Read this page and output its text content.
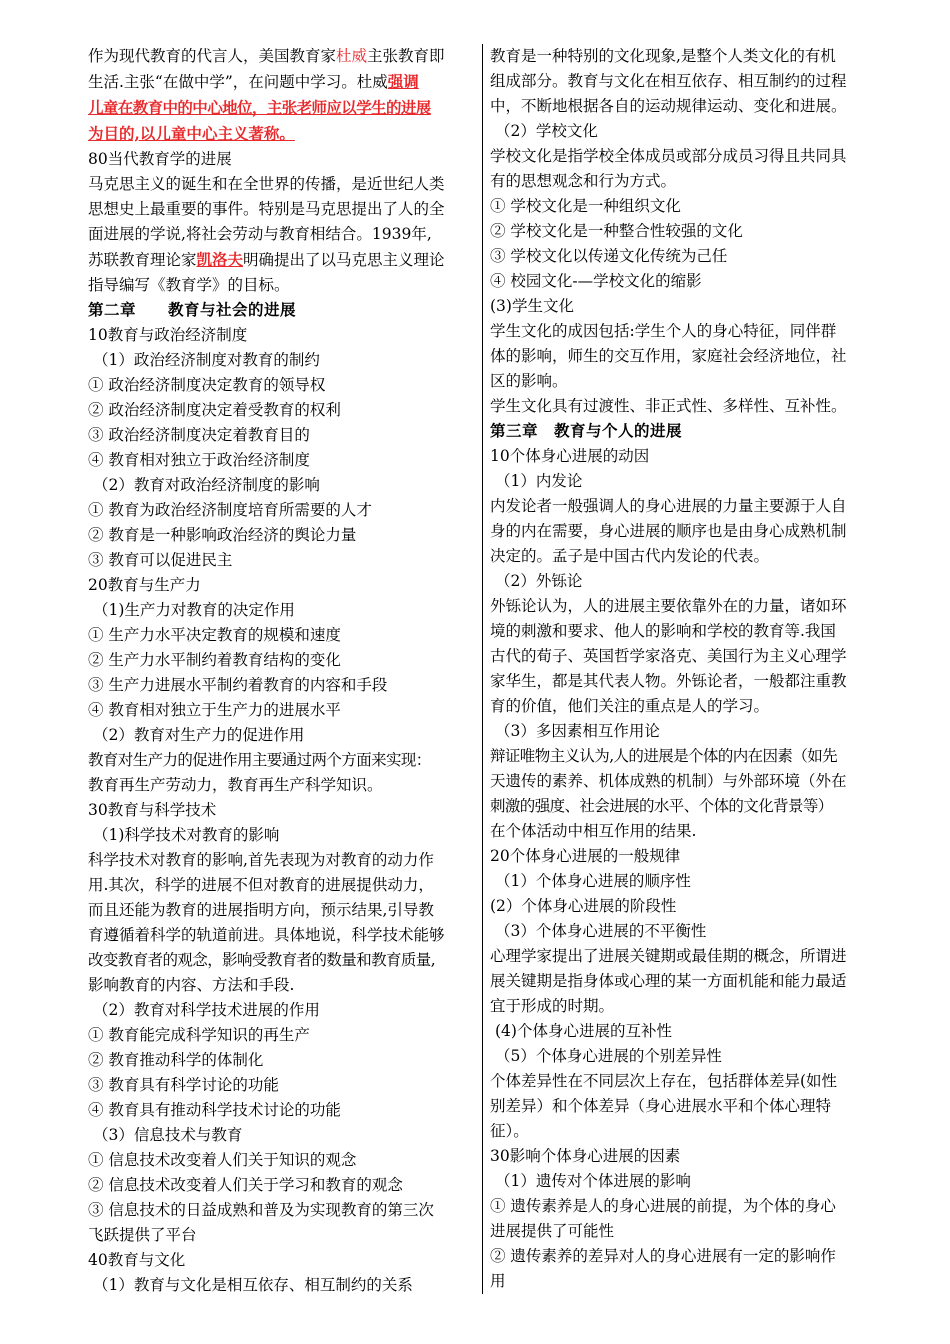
作为现代教育的代言人，美国教育家杜威主张教育即
生活.主张“在做中学”，在问题中学习。杜威强调
儿童在教育中的中心地位，主张老师应以学生的进展
为目的,以儿童中心主义著称。
80当代教育学的进展
马克思主义的诞生和在全世界的传播，是近世纪人类
思想史上最重要的事件。特别是马克思提出了人的全
面进展的学说,将社会劳动与教育相结合。1939年,
苏联教育理论家凯洛夫明确提出了以马克思主义理论
指导编写《教育学》的目标。
第二章　　教育与社会的进展
10教育与政治经济制度
（1）政治经济制度对教育的制约
① 政治经济制度决定教育的领导权
② 政治经济制度决定着受教育的权利
③ 政治经济制度决定着教育目的
④ 教育相对独立于政治经济制度
（2）教育对政治经济制度的影响
① 教育为政治经济制度培育所需要的人才
② 教育是一种影响政治经济的舆论力量
③ 教育可以促进民主
20教育与生产力
（1)生产力对教育的决定作用
① 生产力水平决定教育的规模和速度
② 生产力水平制约着教育结构的变化
③ 生产力进展水平制约着教育的内容和手段
④ 教育相对独立于生产力的进展水平
（2）教育对生产力的促进作用
教育对生产力的促进作用主要通过两个方面来实现：
教育再生产劳动力，教育再生产科学知识。
30教育与科学技术
（1)科学技术对教育的影响
科学技术对教育的影响,首先表现为对教育的动力作
用.其次，科学的进展不但对教育的进展提供动力，
而且还能为教育的进展指明方向，预示结果,引导教
育遵循着科学的轨道前进。具体地说，科学技术能够
改变教育者的观念，影响受教育者的数量和教育质量,
影响教育的内容、方法和手段.
（2）教育对科学技术进展的作用
① 教育能完成科学知识的再生产
② 教育推动科学的体制化
③ 教育具有科学讨论的功能
④ 教育具有推动科学技术讨论的功能
（3）信息技术与教育
① 信息技术改变着人们关于知识的观念
② 信息技术改变着人们关于学习和教育的观念
③ 信息技术的日益成熟和普及为实现教育的第三次
飞跃提供了平台
40教育与文化
（1）教育与文化是相互依存、相互制约的关系
教育是一种特别的文化现象,是整个人类文化的有机
组成部分。教育与文化在相互依存、相互制约的过程
中，不断地根据各自的运动规律运动、变化和进展。
（2）学校文化
学校文化是指学校全体成员或部分成员习得且共同具
有的思想观念和行为方式。
① 学校文化是一种组织文化
② 学校文化是一种整合性较强的文化
③ 学校文化以传递文化传统为己任
④ 校园文化-—学校文化的缩影
(3)学生文化
学生文化的成因包括:学生个人的身心特征，同伴群
体的影响，师生的交互作用，家庭社会经济地位，社
区的影响。
学生文化具有过渡性、非正式性、多样性、互补性。
第三章　教育与个人的进展
10个体身心进展的动因
（1）内发论
内发论者一般强调人的身心进展的力量主要源于人自
身的内在需要，身心进展的顺序也是由身心成熟机制
决定的。孟子是中国古代内发论的代表。
（2）外铄论
外铄论认为，人的进展主要依靠外在的力量，诸如环
境的刺激和要求、他人的影响和学校的教育等.我国
古代的荀子、英国哲学家洛克、美国行为主义心理学
家华生，都是其代表人物。外铄论者，一般都注重教
育的价值，他们关注的重点是人的学习。
（3）多因素相互作用论
辩证唯物主义认为,人的进展是个体的内在因素（如先
天遗传的素养、机体成熟的机制）与外部环境（外在
刺激的强度、社会进展的水平、个体的文化背景等）
在个体活动中相互作用的结果.
20个体身心进展的一般规律
（1）个体身心进展的顺序性
(2）个体身心进展的阶段性
（3）个体身心进展的不平衡性
心理学家提出了进展关键期或最佳期的概念，所谓进
展关键期是指身体或心理的某一方面机能和能力最适
宜于形成的时期。
(4)个体身心进展的互补性
（5）个体身心进展的个别差异性
个体差异性在不同层次上存在，包括群体差异(如性
别差异）和个体差异（身心进展水平和个体心理特
征）。
30影响个体身心进展的因素
（1）遗传对个体进展的影响
① 遗传素养是人的身心进展的前提，为个体的身心
进展提供了可能性
② 遗传素养的差异对人的身心进展有一定的影响作
用
